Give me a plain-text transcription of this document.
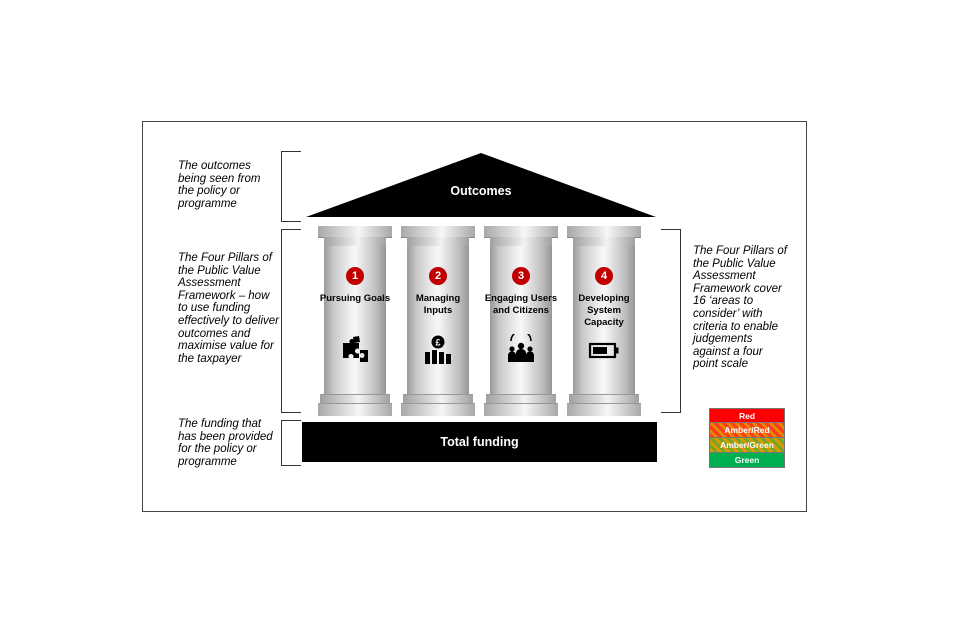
The outcomes being seen from the policy or programme
The Four Pillars of the Public Value Assessment Framework – how to use funding effectively to deliver outcomes and maximise value for the taxpayer
The funding that has been provided for the policy or programme
The Four Pillars of the Public Value Assessment Framework cover 16 ‘areas to consider’ with criteria to enable judgements against a four point scale
Outcomes
1
Pursuing Goals
2
Managing Inputs
£
3
Engaging Users and Citizens
4
Developing System Capacity
Total funding
Red
Amber/Red
Amber/Green
Green
